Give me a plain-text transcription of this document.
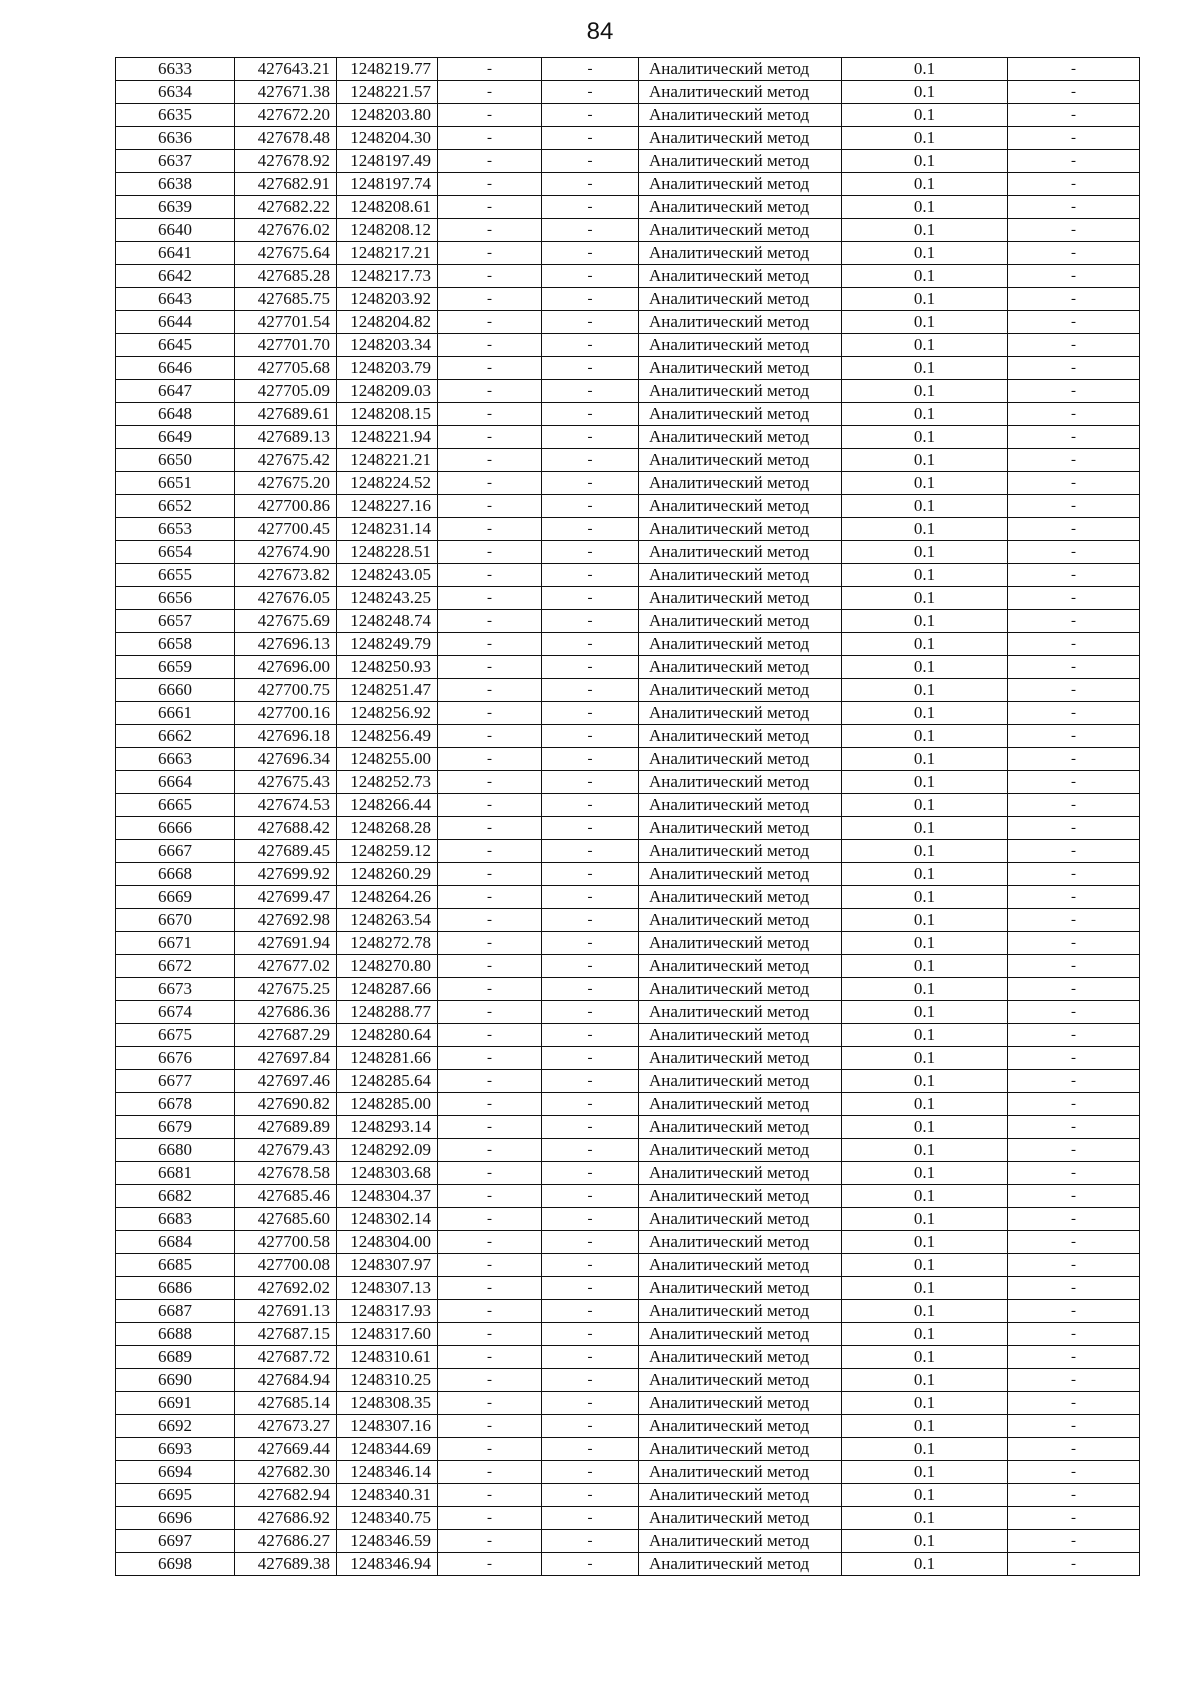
84
6633	427643.21	1248219.77	-	-	Аналитический метод	0.1	-
6634	427671.38	1248221.57	-	-	Аналитический метод	0.1	-
6635	427672.20	1248203.80	-	-	Аналитический метод	0.1	-
6636	427678.48	1248204.30	-	-	Аналитический метод	0.1	-
6637	427678.92	1248197.49	-	-	Аналитический метод	0.1	-
6638	427682.91	1248197.74	-	-	Аналитический метод	0.1	-
6639	427682.22	1248208.61	-	-	Аналитический метод	0.1	-
6640	427676.02	1248208.12	-	-	Аналитический метод	0.1	-
6641	427675.64	1248217.21	-	-	Аналитический метод	0.1	-
6642	427685.28	1248217.73	-	-	Аналитический метод	0.1	-
6643	427685.75	1248203.92	-	-	Аналитический метод	0.1	-
6644	427701.54	1248204.82	-	-	Аналитический метод	0.1	-
6645	427701.70	1248203.34	-	-	Аналитический метод	0.1	-
6646	427705.68	1248203.79	-	-	Аналитический метод	0.1	-
6647	427705.09	1248209.03	-	-	Аналитический метод	0.1	-
6648	427689.61	1248208.15	-	-	Аналитический метод	0.1	-
6649	427689.13	1248221.94	-	-	Аналитический метод	0.1	-
6650	427675.42	1248221.21	-	-	Аналитический метод	0.1	-
6651	427675.20	1248224.52	-	-	Аналитический метод	0.1	-
6652	427700.86	1248227.16	-	-	Аналитический метод	0.1	-
6653	427700.45	1248231.14	-	-	Аналитический метод	0.1	-
6654	427674.90	1248228.51	-	-	Аналитический метод	0.1	-
6655	427673.82	1248243.05	-	-	Аналитический метод	0.1	-
6656	427676.05	1248243.25	-	-	Аналитический метод	0.1	-
6657	427675.69	1248248.74	-	-	Аналитический метод	0.1	-
6658	427696.13	1248249.79	-	-	Аналитический метод	0.1	-
6659	427696.00	1248250.93	-	-	Аналитический метод	0.1	-
6660	427700.75	1248251.47	-	-	Аналитический метод	0.1	-
6661	427700.16	1248256.92	-	-	Аналитический метод	0.1	-
6662	427696.18	1248256.49	-	-	Аналитический метод	0.1	-
6663	427696.34	1248255.00	-	-	Аналитический метод	0.1	-
6664	427675.43	1248252.73	-	-	Аналитический метод	0.1	-
6665	427674.53	1248266.44	-	-	Аналитический метод	0.1	-
6666	427688.42	1248268.28	-	-	Аналитический метод	0.1	-
6667	427689.45	1248259.12	-	-	Аналитический метод	0.1	-
6668	427699.92	1248260.29	-	-	Аналитический метод	0.1	-
6669	427699.47	1248264.26	-	-	Аналитический метод	0.1	-
6670	427692.98	1248263.54	-	-	Аналитический метод	0.1	-
6671	427691.94	1248272.78	-	-	Аналитический метод	0.1	-
6672	427677.02	1248270.80	-	-	Аналитический метод	0.1	-
6673	427675.25	1248287.66	-	-	Аналитический метод	0.1	-
6674	427686.36	1248288.77	-	-	Аналитический метод	0.1	-
6675	427687.29	1248280.64	-	-	Аналитический метод	0.1	-
6676	427697.84	1248281.66	-	-	Аналитический метод	0.1	-
6677	427697.46	1248285.64	-	-	Аналитический метод	0.1	-
6678	427690.82	1248285.00	-	-	Аналитический метод	0.1	-
6679	427689.89	1248293.14	-	-	Аналитический метод	0.1	-
6680	427679.43	1248292.09	-	-	Аналитический метод	0.1	-
6681	427678.58	1248303.68	-	-	Аналитический метод	0.1	-
6682	427685.46	1248304.37	-	-	Аналитический метод	0.1	-
6683	427685.60	1248302.14	-	-	Аналитический метод	0.1	-
6684	427700.58	1248304.00	-	-	Аналитический метод	0.1	-
6685	427700.08	1248307.97	-	-	Аналитический метод	0.1	-
6686	427692.02	1248307.13	-	-	Аналитический метод	0.1	-
6687	427691.13	1248317.93	-	-	Аналитический метод	0.1	-
6688	427687.15	1248317.60	-	-	Аналитический метод	0.1	-
6689	427687.72	1248310.61	-	-	Аналитический метод	0.1	-
6690	427684.94	1248310.25	-	-	Аналитический метод	0.1	-
6691	427685.14	1248308.35	-	-	Аналитический метод	0.1	-
6692	427673.27	1248307.16	-	-	Аналитический метод	0.1	-
6693	427669.44	1248344.69	-	-	Аналитический метод	0.1	-
6694	427682.30	1248346.14	-	-	Аналитический метод	0.1	-
6695	427682.94	1248340.31	-	-	Аналитический метод	0.1	-
6696	427686.92	1248340.75	-	-	Аналитический метод	0.1	-
6697	427686.27	1248346.59	-	-	Аналитический метод	0.1	-
6698	427689.38	1248346.94	-	-	Аналитический метод	0.1	-
